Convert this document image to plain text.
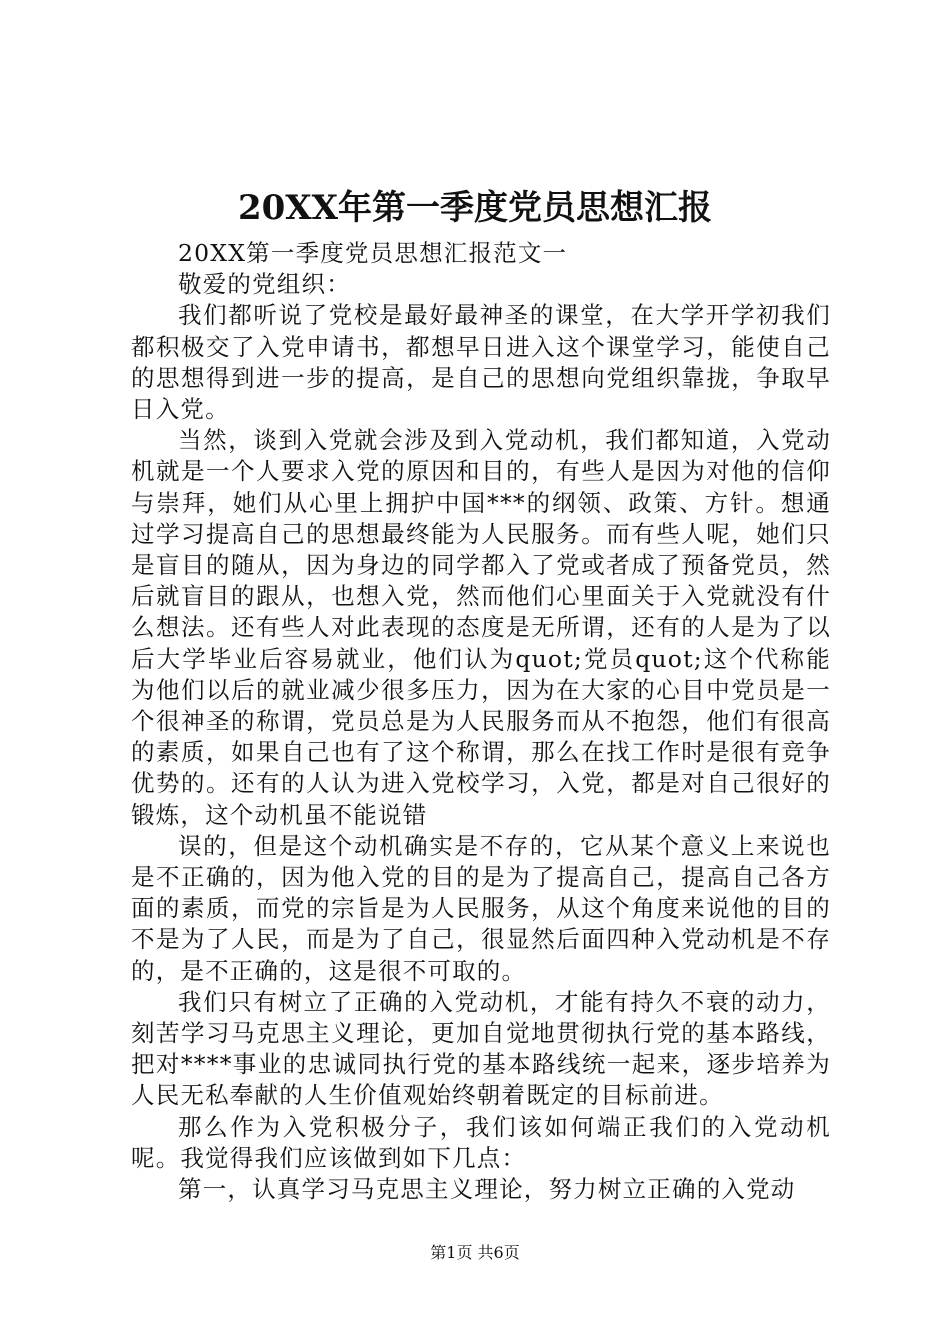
20XX年第一季度党员思想汇报

20XX第一季度党员思想汇报范文一

敬爱的党组织：

我们都听说了党校是最好最神圣的课堂，在大学开学初我们都积极交了入党申请书，都想早日进入这个课堂学习，能使自己的思想得到进一步的提高，是自己的思想向党组织靠拢，争取早日入党。

当然，谈到入党就会涉及到入党动机，我们都知道，入党动机就是一个人要求入党的原因和目的，有些人是因为对他的信仰与崇拜，她们从心里上拥护中国***的纲领、政策、方针。想通过学习提高自己的思想最终能为人民服务。而有些人呢，她们只是盲目的随从，因为身边的同学都入了党或者成了预备党员，然后就盲目的跟从，也想入党，然而他们心里面关于入党就没有什么想法。还有些人对此表现的态度是无所谓，还有的人是为了以后大学毕业后容易就业，他们认为quot;党员quot;这个代称能为他们以后的就业减少很多压力，因为在大家的心目中党员是一个很神圣的称谓，党员总是为人民服务而从不抱怨，他们有很高的素质，如果自己也有了这个称谓，那么在找工作时是很有竞争优势的。还有的人认为进入党校学习，入党，都是对自己很好的锻炼，这个动机虽不能说错

误的，但是这个动机确实是不存的，它从某个意义上来说也是不正确的，因为他入党的目的是为了提高自己，提高自己各方面的素质，而党的宗旨是为人民服务，从这个角度来说他的目的不是为了人民，而是为了自己，很显然后面四种入党动机是不存的，是不正确的，这是很不可取的。

我们只有树立了正确的入党动机，才能有持久不衰的动力，刻苦学习马克思主义理论，更加自觉地贯彻执行党的基本路线，把对****事业的忠诚同执行党的基本路线统一起来，逐步培养为人民无私奉献的人生价值观始终朝着既定的目标前进。

那么作为入党积极分子，我们该如何端正我们的入党动机呢。我觉得我们应该做到如下几点：

第一，认真学习马克思主义理论，努力树立正确的入党动

第1页 共6页
